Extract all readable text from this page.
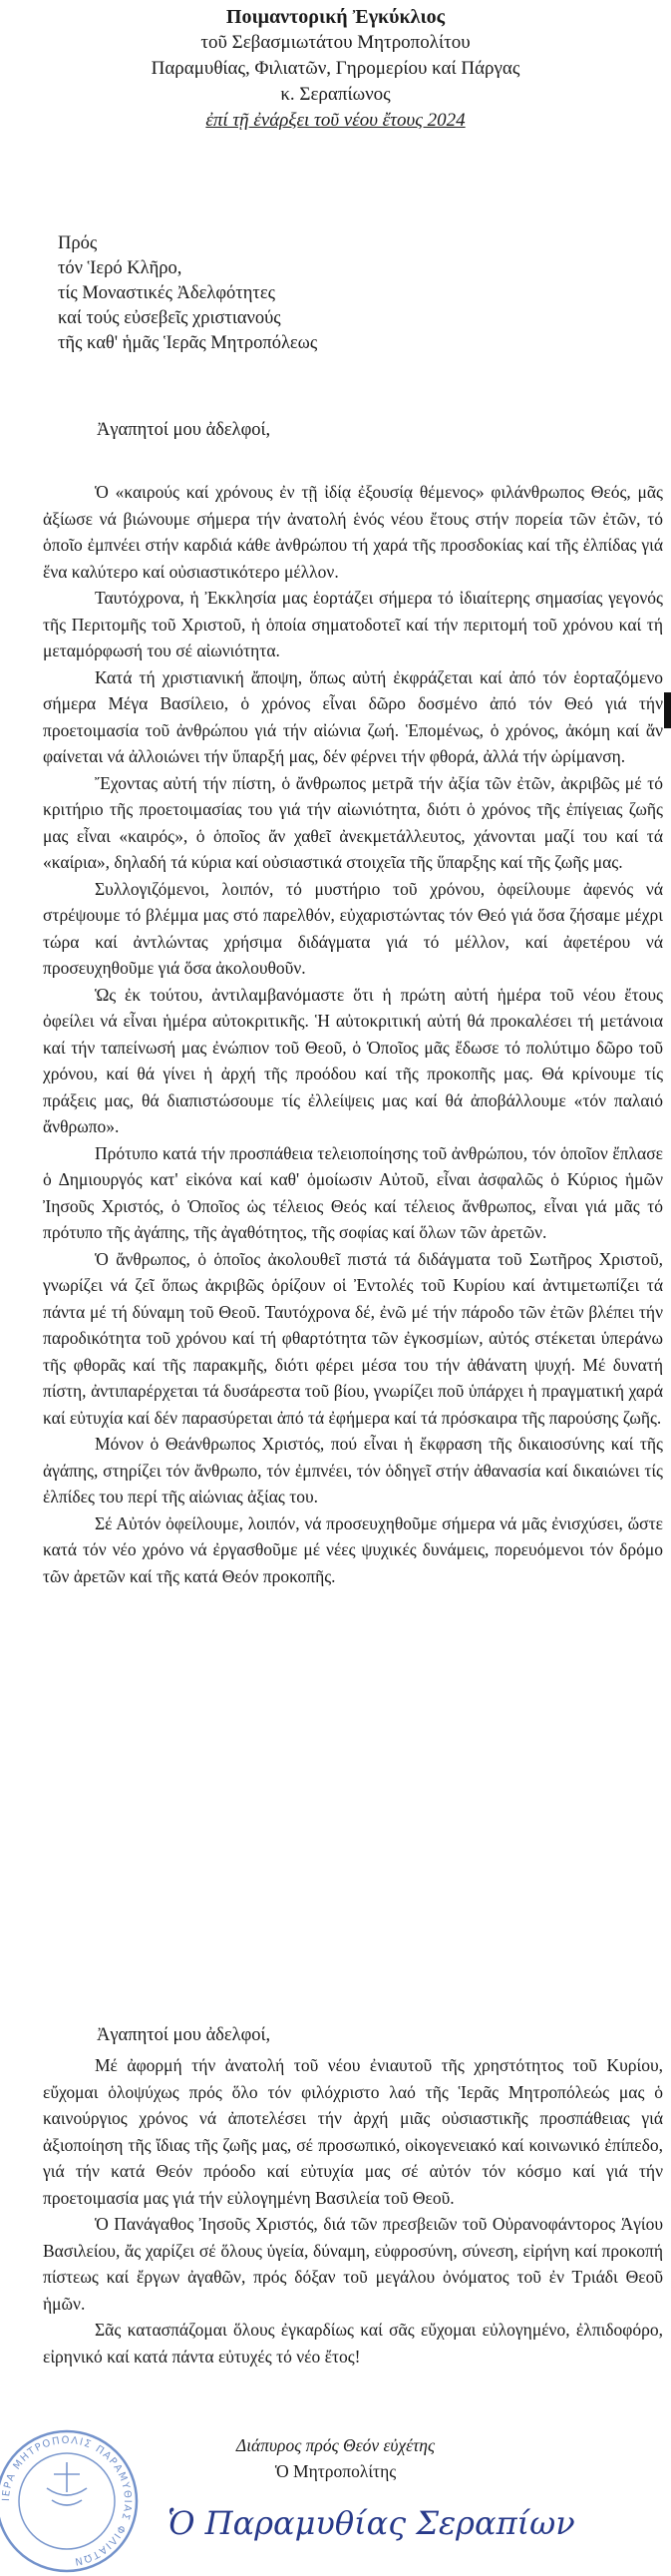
Ποιμαντορική Ἐγκύκλιος
τοῦ Σεβασμιωτάτου Μητροπολίτου
Παραμυθίας, Φιλιατῶν, Γηρομερίου καί Πάργας
κ. Σεραπίωνος
ἐπί τῇ ἐνάρξει τοῦ νέου ἔτους 2024
Πρός
τόν Ἱερό Κλῆρο,
τίς Μοναστικές Ἀδελφότητες
καί τούς εὐσεβεῖς χριστιανούς
τῆς καθ' ἡμᾶς Ἱερᾶς Μητροπόλεως
Ἀγαπητοί μου ἀδελφοί,

Ὁ «καιρούς καί χρόνους ἐν τῇ ἰδίᾳ ἐξουσίᾳ θέμενος» φιλάνθρωπος Θεός, μᾶς ἀξίωσε νά βιώνουμε σήμερα τήν ἀνατολή ἑνός νέου ἔτους στήν πορεία τῶν ἐτῶν, τό ὁποῖο ἐμπνέει στήν καρδιά κάθε ἀνθρώπου τή χαρά τῆς προσδοκίας καί τῆς ἐλπίδας γιά ἕνα καλύτερο καί οὐσιαστικότερο μέλλον.

Ταυτόχρονα, ἡ Ἐκκλησία μας ἑορτάζει σήμερα τό ἰδιαίτερης σημασίας γεγονός τῆς Περιτομῆς τοῦ Χριστοῦ, ἡ ὁποία σηματοδοτεῖ καί τήν περιτομή τοῦ χρόνου καί τή μεταμόρφωσή του σέ αἰωνιότητα.

Κατά τή χριστιανική ἄποψη, ὅπως αὐτή ἐκφράζεται καί ἀπό τόν ἑορταζόμενο σήμερα Μέγα Βασίλειο, ὁ χρόνος εἶναι δῶρο δοσμένο ἀπό τόν Θεό γιά τήν προετοιμασία τοῦ ἀνθρώπου γιά τήν αἰώνια ζωή. Ἑπομένως, ὁ χρόνος, ἀκόμη καί ἄν φαίνεται νά ἀλλοιώνει τήν ὕπαρξή μας, δέν φέρνει τήν φθορά, ἀλλά τήν ὡρίμανση.

Ἔχοντας αὐτή τήν πίστη, ὁ ἄνθρωπος μετρᾶ τήν ἀξία τῶν ἐτῶν, ἀκριβῶς μέ τό κριτήριο τῆς προετοιμασίας του γιά τήν αἰωνιότητα, διότι ὁ χρόνος τῆς ἐπίγειας ζωῆς μας εἶναι «καιρός», ὁ ὁποῖος ἄν χαθεῖ ἀνεκμετάλλευτος, χάνονται μαζί του καί τά «καίρια», δηλαδή τά κύρια καί οὐσιαστικά στοιχεῖα τῆς ὕπαρξης καί τῆς ζωῆς μας.

Συλλογιζόμενοι, λοιπόν, τό μυστήριο τοῦ χρόνου, ὀφείλουμε ἀφενός νά στρέψουμε τό βλέμμα μας στό παρελθόν, εὐχαριστώντας τόν Θεό γιά ὅσα ζήσαμε μέχρι τώρα καί ἀντλώντας χρήσιμα διδάγματα γιά τό μέλλον, καί ἀφετέρου νά προσευχηθοῦμε γιά ὅσα ἀκολουθοῦν.

Ὡς ἐκ τούτου, ἀντιλαμβανόμαστε ὅτι ἡ πρώτη αὐτή ἡμέρα τοῦ νέου ἔτους ὀφείλει νά εἶναι ἡμέρα αὐτοκριτικῆς. Ἡ αὐτοκριτική αὐτή θά προκαλέσει τή μετάνοια καί τήν ταπείνωσή μας ἐνώπιον τοῦ Θεοῦ, ὁ Ὁποῖος μᾶς ἔδωσε τό πολύτιμο δῶρο τοῦ χρόνου, καί θά γίνει ἡ ἀρχή τῆς προόδου καί τῆς προκοπῆς μας. Θά κρίνουμε τίς πράξεις μας, θά διαπιστώσουμε τίς ἐλλείψεις μας καί θά ἀποβάλλουμε «τόν παλαιό ἄνθρωπο».

Πρότυπο κατά τήν προσπάθεια τελειοποίησης τοῦ ἀνθρώπου, τόν ὁποῖον ἔπλασε ὁ Δημιουργός κατ' εἰκόνα καί καθ' ὁμοίωσιν Αὐτοῦ, εἶναι ἀσφαλῶς ὁ Κύριος ἡμῶν Ἰησοῦς Χριστός, ὁ Ὁποῖος ὡς τέλειος Θεός καί τέλειος ἄνθρωπος, εἶναι γιά μᾶς τό πρότυπο τῆς ἀγάπης, τῆς ἀγαθότητος, τῆς σοφίας καί ὅλων τῶν ἀρετῶν.

Ὁ ἄνθρωπος, ὁ ὁποῖος ἀκολουθεῖ πιστά τά διδάγματα τοῦ Σωτῆρος Χριστοῦ, γνωρίζει νά ζεῖ ὅπως ἀκριβῶς ὁρίζουν οἱ Ἐντολές τοῦ Κυρίου καί ἀντιμετωπίζει τά πάντα μέ τή δύναμη τοῦ Θεοῦ. Ταυτόχρονα δέ, ἐνῶ μέ τήν πάροδο τῶν ἐτῶν βλέπει τήν παροδικότητα τοῦ χρόνου καί τή φθαρτότητα τῶν ἐγκοσμίων, αὐτός στέκεται ὑπεράνω τῆς φθορᾶς καί τῆς παρακμῆς, διότι φέρει μέσα του τήν ἀθάνατη ψυχή. Μέ δυνατή πίστη, ἀντιπαρέρχεται τά δυσάρεστα τοῦ βίου, γνωρίζει ποῦ ὑπάρχει ἡ πραγματική χαρά καί εὐτυχία καί δέν παρασύρεται ἀπό τά ἐφήμερα καί τά πρόσκαιρα τῆς παρούσης ζωῆς.

Μόνον ὁ Θεάνθρωπος Χριστός, πού εἶναι ἡ ἔκφραση τῆς δικαιοσύνης καί τῆς ἀγάπης, στηρίζει τόν ἄνθρωπο, τόν ἐμπνέει, τόν ὁδηγεῖ στήν ἀθανασία καί δικαιώνει τίς ἐλπίδες του περί τῆς αἰώνιας ἀξίας του.

Σέ Αὐτόν ὀφείλουμε, λοιπόν, νά προσευχηθοῦμε σήμερα νά μᾶς ἐνισχύσει, ὥστε κατά τόν νέο χρόνο νά ἐργασθοῦμε μέ νέες ψυχικές δυνάμεις, πορευόμενοι τόν δρόμο τῶν ἀρετῶν καί τῆς κατά Θεόν προκοπῆς.

Ἀγαπητοί μου ἀδελφοί,

Μέ ἀφορμή τήν ἀνατολή τοῦ νέου ἐνιαυτοῦ τῆς χρηστότητος τοῦ Κυρίου, εὔχομαι ὁλοψύχως πρός ὅλο τόν φιλόχριστο λαό τῆς Ἱερᾶς Μητροπόλεώς μας ὁ καινούργιος χρόνος νά ἀποτελέσει τήν ἀρχή μιᾶς οὐσιαστικῆς προσπάθειας γιά ἀξιοποίηση τῆς ἴδιας τῆς ζωῆς μας, σέ προσωπικό, οἰκογενειακό καί κοινωνικό ἐπίπεδο, γιά τήν κατά Θεόν πρόοδο καί εὐτυχία μας σέ αὐτόν τόν κόσμο καί γιά τήν προετοιμασία μας γιά τήν εὐλογημένη Βασιλεία τοῦ Θεοῦ.

Ὁ Πανάγαθος Ἰησοῦς Χριστός, διά τῶν πρεσβειῶν τοῦ Οὐρανοφάντορος Ἁγίου Βασιλείου, ἄς χαρίζει σέ ὅλους ὑγεία, δύναμη, εὐφροσύνη, σύνεση, εἰρήνη καί προκοπή πίστεως καί ἔργων ἀγαθῶν, πρός δόξαν τοῦ μεγάλου ὀνόματος τοῦ ἐν Τριάδι Θεοῦ ἡμῶν.

Σᾶς κατασπάζομαι ὅλους ἐγκαρδίως καί σᾶς εὔχομαι εὐλογημένο, ἐλπιδοφόρο, εἰρηνικό καί κατά πάντα εὐτυχές τό νέο ἔτος!

Διάπυρος πρός Θεόν εὐχέτης
Ὁ Μητροπολίτης
ΙΕΡΑ ΜΗΤΡΟΠΟΛΙΣ ΠΑΡΑΜΥΘΙΑΣ ΦΙΛΙΑΤΩΝ
Ὁ Παραμυθίας Σεραπίων
